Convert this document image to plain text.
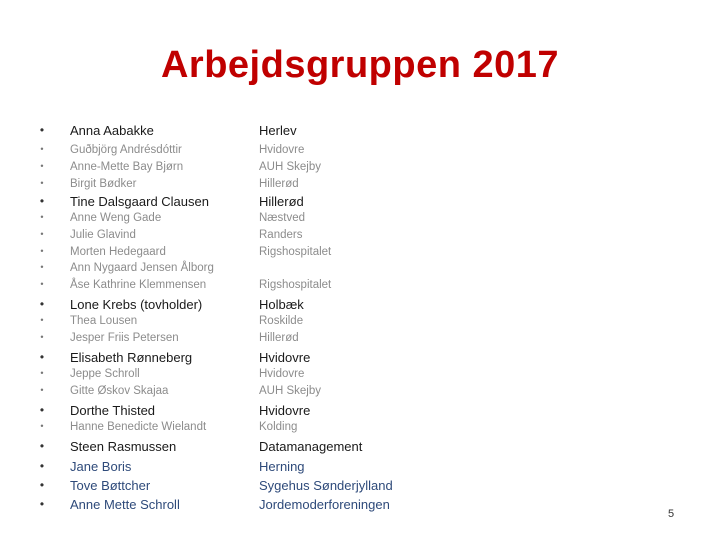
Arbejdsgruppen 2017
• Anna Aabakke	Herlev
• Guðbjörg Andrésdóttir	Hvidovre
• Anne-Mette Bay Bjørn	AUH Skejby
• Birgit Bødker	Hillerød
• Tine Dalsgaard Clausen	Hillerød
• Anne Weng Gade	Næstved
• Julie Glavind	Randers
• Morten Hedegaard	Rigshospitalet
• Ann Nygaard Jensen Ålborg
• Åse Kathrine Klemmensen	Rigshospitalet
• Lone Krebs (tovholder)	Holbæk
• Thea Lousen	Roskilde
• Jesper Friis Petersen	Hillerød
• Elisabeth Rønneberg	Hvidovre
• Jeppe Schroll	Hvidovre
• Gitte Øskov Skajaa	AUH Skejby
• Dorthe Thisted	Hvidovre
• Hanne Benedicte Wielandt	Kolding
• Steen Rasmussen	Datamanagement
• Jane Boris	Herning
• Tove Bøttcher	Sygehus Sønderjylland
• Anne Mette Schroll	Jordemoderforeningen
5
